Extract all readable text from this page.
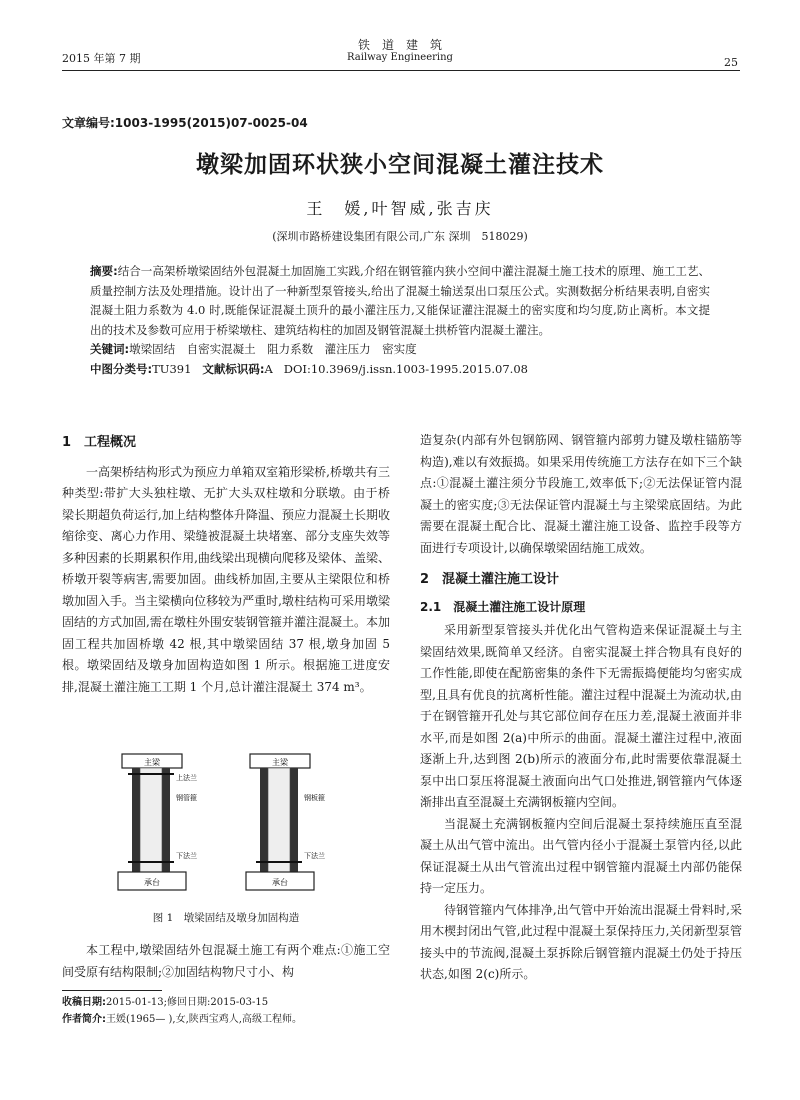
2015 年第 7 期
铁　道　建　筑
Railway Engineering	25
文章编号:1003-1995(2015)07-0025-04
墩梁加固环状狭小空间混凝土灌注技术
王　媛,叶智威,张吉庆
(深圳市路桥建设集团有限公司,广东 深圳　518029)
摘要:结合一高架桥墩梁固结外包混凝土加固施工实践,介绍在钢管箍内狭小空间中灌注混凝土施工技术的原理、施工工艺、质量控制方法及处理措施。设计出了一种新型泵管接头,给出了混凝土输送泵出口泵压公式。实测数据分析结果表明,自密实混凝土阻力系数为 4.0 时,既能保证混凝土顶升的最小灌注压力,又能保证灌注混凝土的密实度和均匀度,防止离析。本文提出的技术及参数可应用于桥梁墩柱、建筑结构柱的加固及钢管混凝土拱桥管内混凝土灌注。
关键词:墩梁固结　自密实混凝土　阻力系数　灌注压力　密实度
中图分类号:TU391 文献标识码:A DOI:10.3969/j.issn.1003-1995.2015.07.08
1　工程概况

一高架桥结构形式为预应力单箱双室箱形梁桥,桥墩共有三种类型:带扩大头独柱墩、无扩大头双柱墩和分联墩。由于桥梁长期超负荷运行,加上结构整体升降温、预应力混凝土长期收缩徐变、离心力作用、梁缝被混凝土块堵塞、部分支座失效等多种因素的长期累积作用,曲线梁出现横向爬移及梁体、盖梁、桥墩开裂等病害,需要加固。曲线桥加固,主要从主梁限位和桥墩加固入手。当主梁横向位移较为严重时,墩柱结构可采用墩梁固结的方式加固,需在墩柱外围安装钢管箍并灌注混凝土。本加固工程共加固桥墩 42 根,其中墩梁固结 37 根,墩身加固 5 根。墩梁固结及墩身加固构造如图 1 所示。根据施工进度安排,混凝土灌注施工工期 1 个月,总计灌注混凝土 374 m³。

主梁
上法兰
钢管箍
下法兰
承台
主梁
钢板箍
下法兰
承台
图 1　墩梁固结及墩身加固构造

本工程中,墩梁固结外包混凝土施工有两个难点:①施工空间受原有结构限制;②加固结构物尺寸小、构

收稿日期:2015-01-13;修回日期:2015-03-15
作者简介:王媛(1965— ),女,陕西宝鸡人,高级工程师。
造复杂(内部有外包钢筋网、钢管箍内部剪力键及墩柱锚筋等构造),难以有效振捣。如果采用传统施工方法存在如下三个缺点:①混凝土灌注须分节段施工,效率低下;②无法保证管内混凝土的密实度;③无法保证管内混凝土与主梁梁底固结。为此需要在混凝土配合比、混凝土灌注施工设备、监控手段等方面进行专项设计,以确保墩梁固结施工成效。
2　混凝土灌注施工设计
2.1　混凝土灌注施工设计原理

采用新型泵管接头并优化出气管构造来保证混凝土与主梁固结效果,既简单又经济。自密实混凝土拌合物具有良好的工作性能,即使在配筋密集的条件下无需振捣便能均匀密实成型,且具有优良的抗离析性能。灌注过程中混凝土为流动状,由于在钢管箍开孔处与其它部位间存在压力差,混凝土液面并非水平,而是如图 2(a)中所示的曲面。混凝土灌注过程中,液面逐渐上升,达到图 2(b)所示的液面分布,此时需要依靠混凝土泵中出口泵压将混凝土液面向出气口处推进,钢管箍内气体逐渐排出直至混凝土充满钢板箍内空间。

当混凝土充满钢板箍内空间后混凝土泵持续施压直至混凝土从出气管中流出。出气管内径小于混凝土泵管内径,以此保证混凝土从出气管流出过程中钢管箍内混凝土内部仍能保持一定压力。

待钢管箍内气体排净,出气管中开始流出混凝土骨料时,采用木楔封闭出气管,此过程中混凝土泵保持压力,关闭新型泵管接头中的节流阀,混凝土泵拆除后钢管箍内混凝土仍处于持压状态,如图 2(c)所示。
